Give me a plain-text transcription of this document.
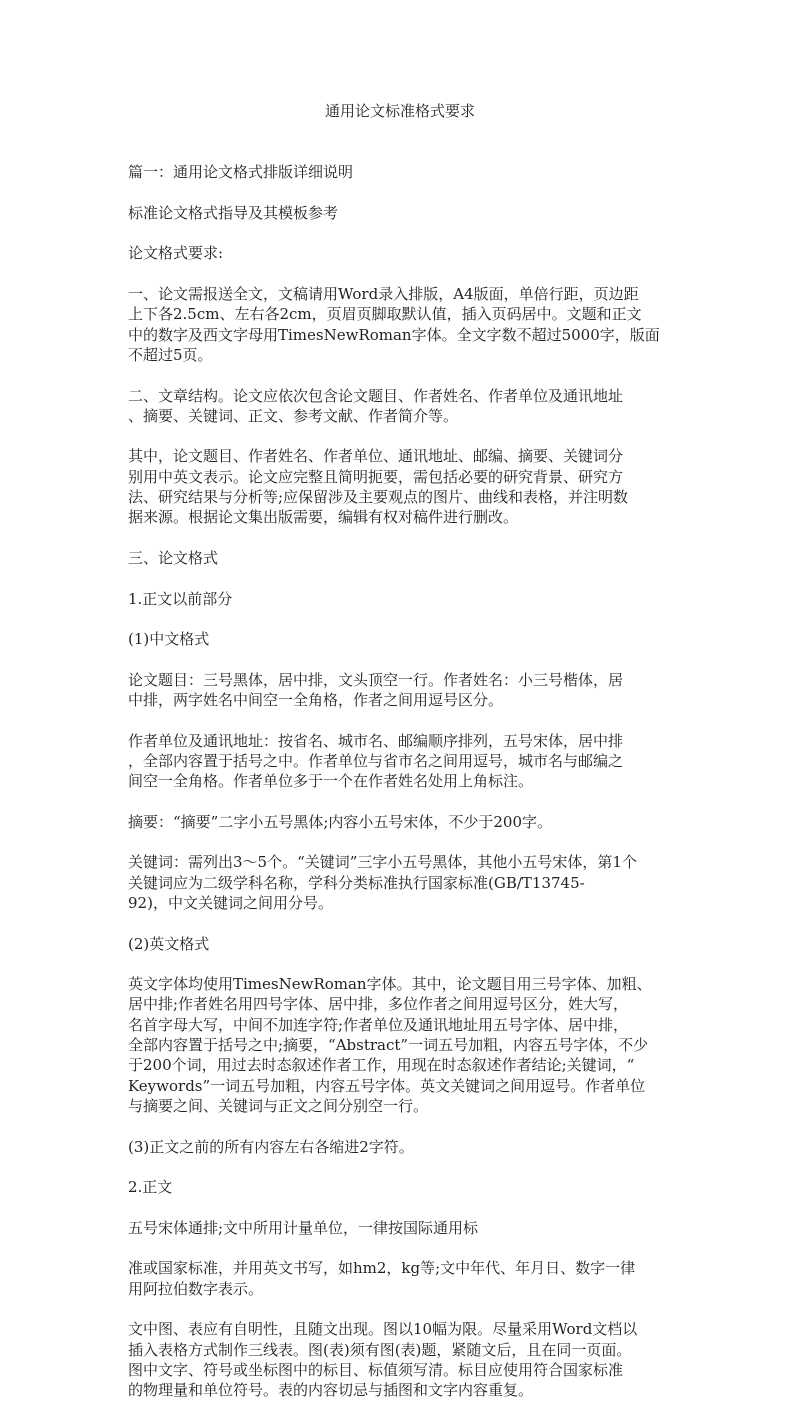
通用论文标准格式要求

篇一：通用论文格式排版详细说明

标准论文格式指导及其模板参考

论文格式要求:

一、论文需报送全文，文稿请用Word录入排版，A4版面，单倍行距，页边距
上下各2.5cm、左右各2cm，页眉页脚取默认值，插入页码居中。文题和正文
中的数字及西文字母用TimesNewRoman字体。全文字数不超过5000字，版面
不超过5页。

二、文章结构。论文应依次包含论文题目、作者姓名、作者单位及通讯地址
、摘要、关键词、正文、参考文献、作者简介等。

其中，论文题目、作者姓名、作者单位、通讯地址、邮编、摘要、关键词分
别用中英文表示。论文应完整且简明扼要，需包括必要的研究背景、研究方
法、研究结果与分析等;应保留涉及主要观点的图片、曲线和表格，并注明数
据来源。根据论文集出版需要，编辑有权对稿件进行删改。

三、论文格式

1.正文以前部分

(1)中文格式

论文题目：三号黑体，居中排，文头顶空一行。作者姓名：小三号楷体，居
中排，两字姓名中间空一全角格，作者之间用逗号区分。

作者单位及通讯地址：按省名、城市名、邮编顺序排列，五号宋体，居中排
，全部内容置于括号之中。作者单位与省市名之间用逗号，城市名与邮编之
间空一全角格。作者单位多于一个在作者姓名处用上角标注。

摘要：“摘要”二字小五号黑体;内容小五号宋体，不少于200字。

关键词：需列出3～5个。“关键词”三字小五号黑体，其他小五号宋体，第1个
关键词应为二级学科名称，学科分类标准执行国家标准(GB/T13745-
92)，中文关键词之间用分号。

(2)英文格式

英文字体均使用TimesNewRoman字体。其中，论文题目用三号字体、加粗、
居中排;作者姓名用四号字体、居中排，多位作者之间用逗号区分，姓大写，
名首字母大写，中间不加连字符;作者单位及通讯地址用五号字体、居中排，
全部内容置于括号之中;摘要，“Abstract”一词五号加粗，内容五号字体，不少
于200个词，用过去时态叙述作者工作，用现在时态叙述作者结论;关键词，“
Keywords”一词五号加粗，内容五号字体。英文关键词之间用逗号。作者单位
与摘要之间、关键词与正文之间分别空一行。

(3)正文之前的所有内容左右各缩进2字符。

2.正文

五号宋体通排;文中所用计量单位，一律按国际通用标

准或国家标准，并用英文书写，如hm2，kg等;文中年代、年月日、数字一律
用阿拉伯数字表示。

文中图、表应有自明性，且随文出现。图以10幅为限。尽量采用Word文档以
插入表格方式制作三线表。图(表)须有图(表)题，紧随文后，且在同一页面。
图中文字、符号或坐标图中的标目、标值须写清。标目应使用符合国家标准
的物理量和单位符号。表的内容切忌与插图和文字内容重复。
